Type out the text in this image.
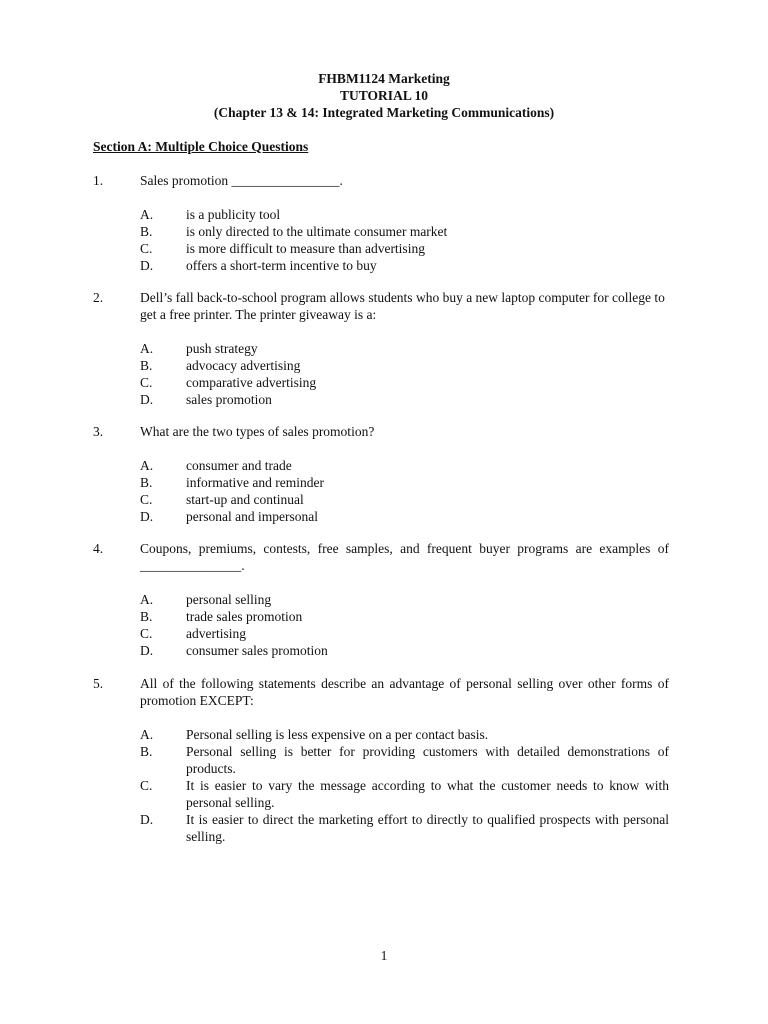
FHBM1124 Marketing
TUTORIAL 10
(Chapter 13 & 14: Integrated Marketing Communications)
Section A: Multiple Choice Questions
1.	Sales promotion ________________.
A. is a publicity tool
B. is only directed to the ultimate consumer market
C. is more difficult to measure than advertising
D. offers a short-term incentive to buy
2.	Dell’s fall back-to-school program allows students who buy a new laptop computer for college to get a free printer. The printer giveaway is a:
A. push strategy
B. advocacy advertising
C. comparative advertising
D. sales promotion
3.	What are the two types of sales promotion?
A. consumer and trade
B. informative and reminder
C. start-up and continual
D. personal and impersonal
4.	Coupons, premiums, contests, free samples, and frequent buyer programs are examples of _______________.
A. personal selling
B. trade sales promotion
C. advertising
D. consumer sales promotion
5.	All of the following statements describe an advantage of personal selling over other forms of promotion EXCEPT:
A. Personal selling is less expensive on a per contact basis.
B. Personal selling is better for providing customers with detailed demonstrations of products.
C. It is easier to vary the message according to what the customer needs to know with personal selling.
D. It is easier to direct the marketing effort to directly to qualified prospects with personal selling.
1
